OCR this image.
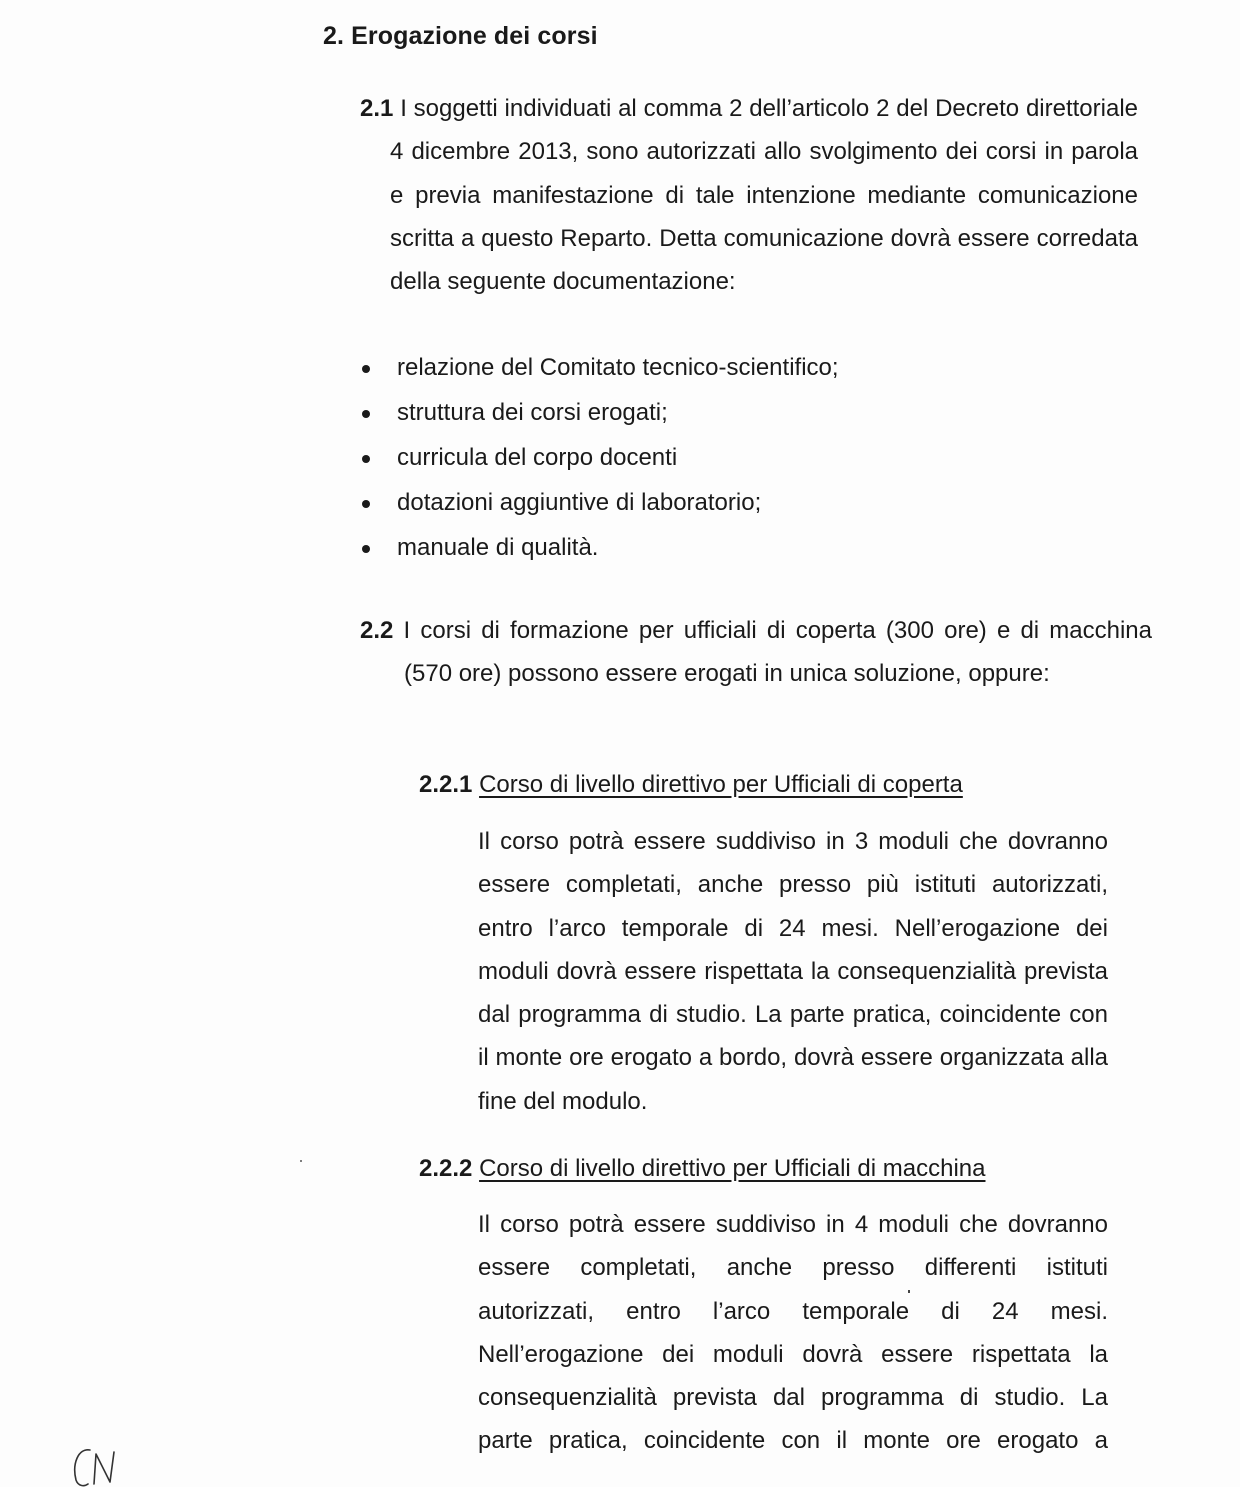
2. Erogazione dei corsi
2.1 I soggetti individuati al comma 2 dell’articolo 2 del Decreto direttoriale 4 dicembre 2013, sono autorizzati allo svolgimento dei corsi in parola e previa manifestazione di tale intenzione mediante comunicazione scritta a questo Reparto. Detta comunicazione dovrà essere corredata della seguente documentazione:
relazione del Comitato tecnico-scientifico;
struttura dei corsi erogati;
curricula del corpo docenti
dotazioni aggiuntive di laboratorio;
manuale di qualità.
2.2 I corsi di formazione per ufficiali di coperta (300 ore) e di macchina (570 ore) possono essere erogati in unica soluzione, oppure:
2.2.1 Corso di livello direttivo per Ufficiali di coperta
Il corso potrà essere suddiviso in 3 moduli che dovranno essere completati, anche presso più istituti autorizzati, entro l’arco temporale di 24 mesi. Nell’erogazione dei moduli dovrà essere rispettata la consequenzialità prevista dal programma di studio. La parte pratica, coincidente con il monte ore erogato a bordo, dovrà essere organizzata alla fine del modulo.
2.2.2 Corso di livello direttivo per Ufficiali di macchina
Il corso potrà essere suddiviso in 4 moduli che dovranno essere completati, anche presso differenti istituti autorizzati, entro l’arco temporale di 24 mesi. Nell’erogazione dei moduli dovrà essere rispettata la consequenzialità prevista dal programma di studio. La parte pratica, coincidente con il monte ore erogato a
